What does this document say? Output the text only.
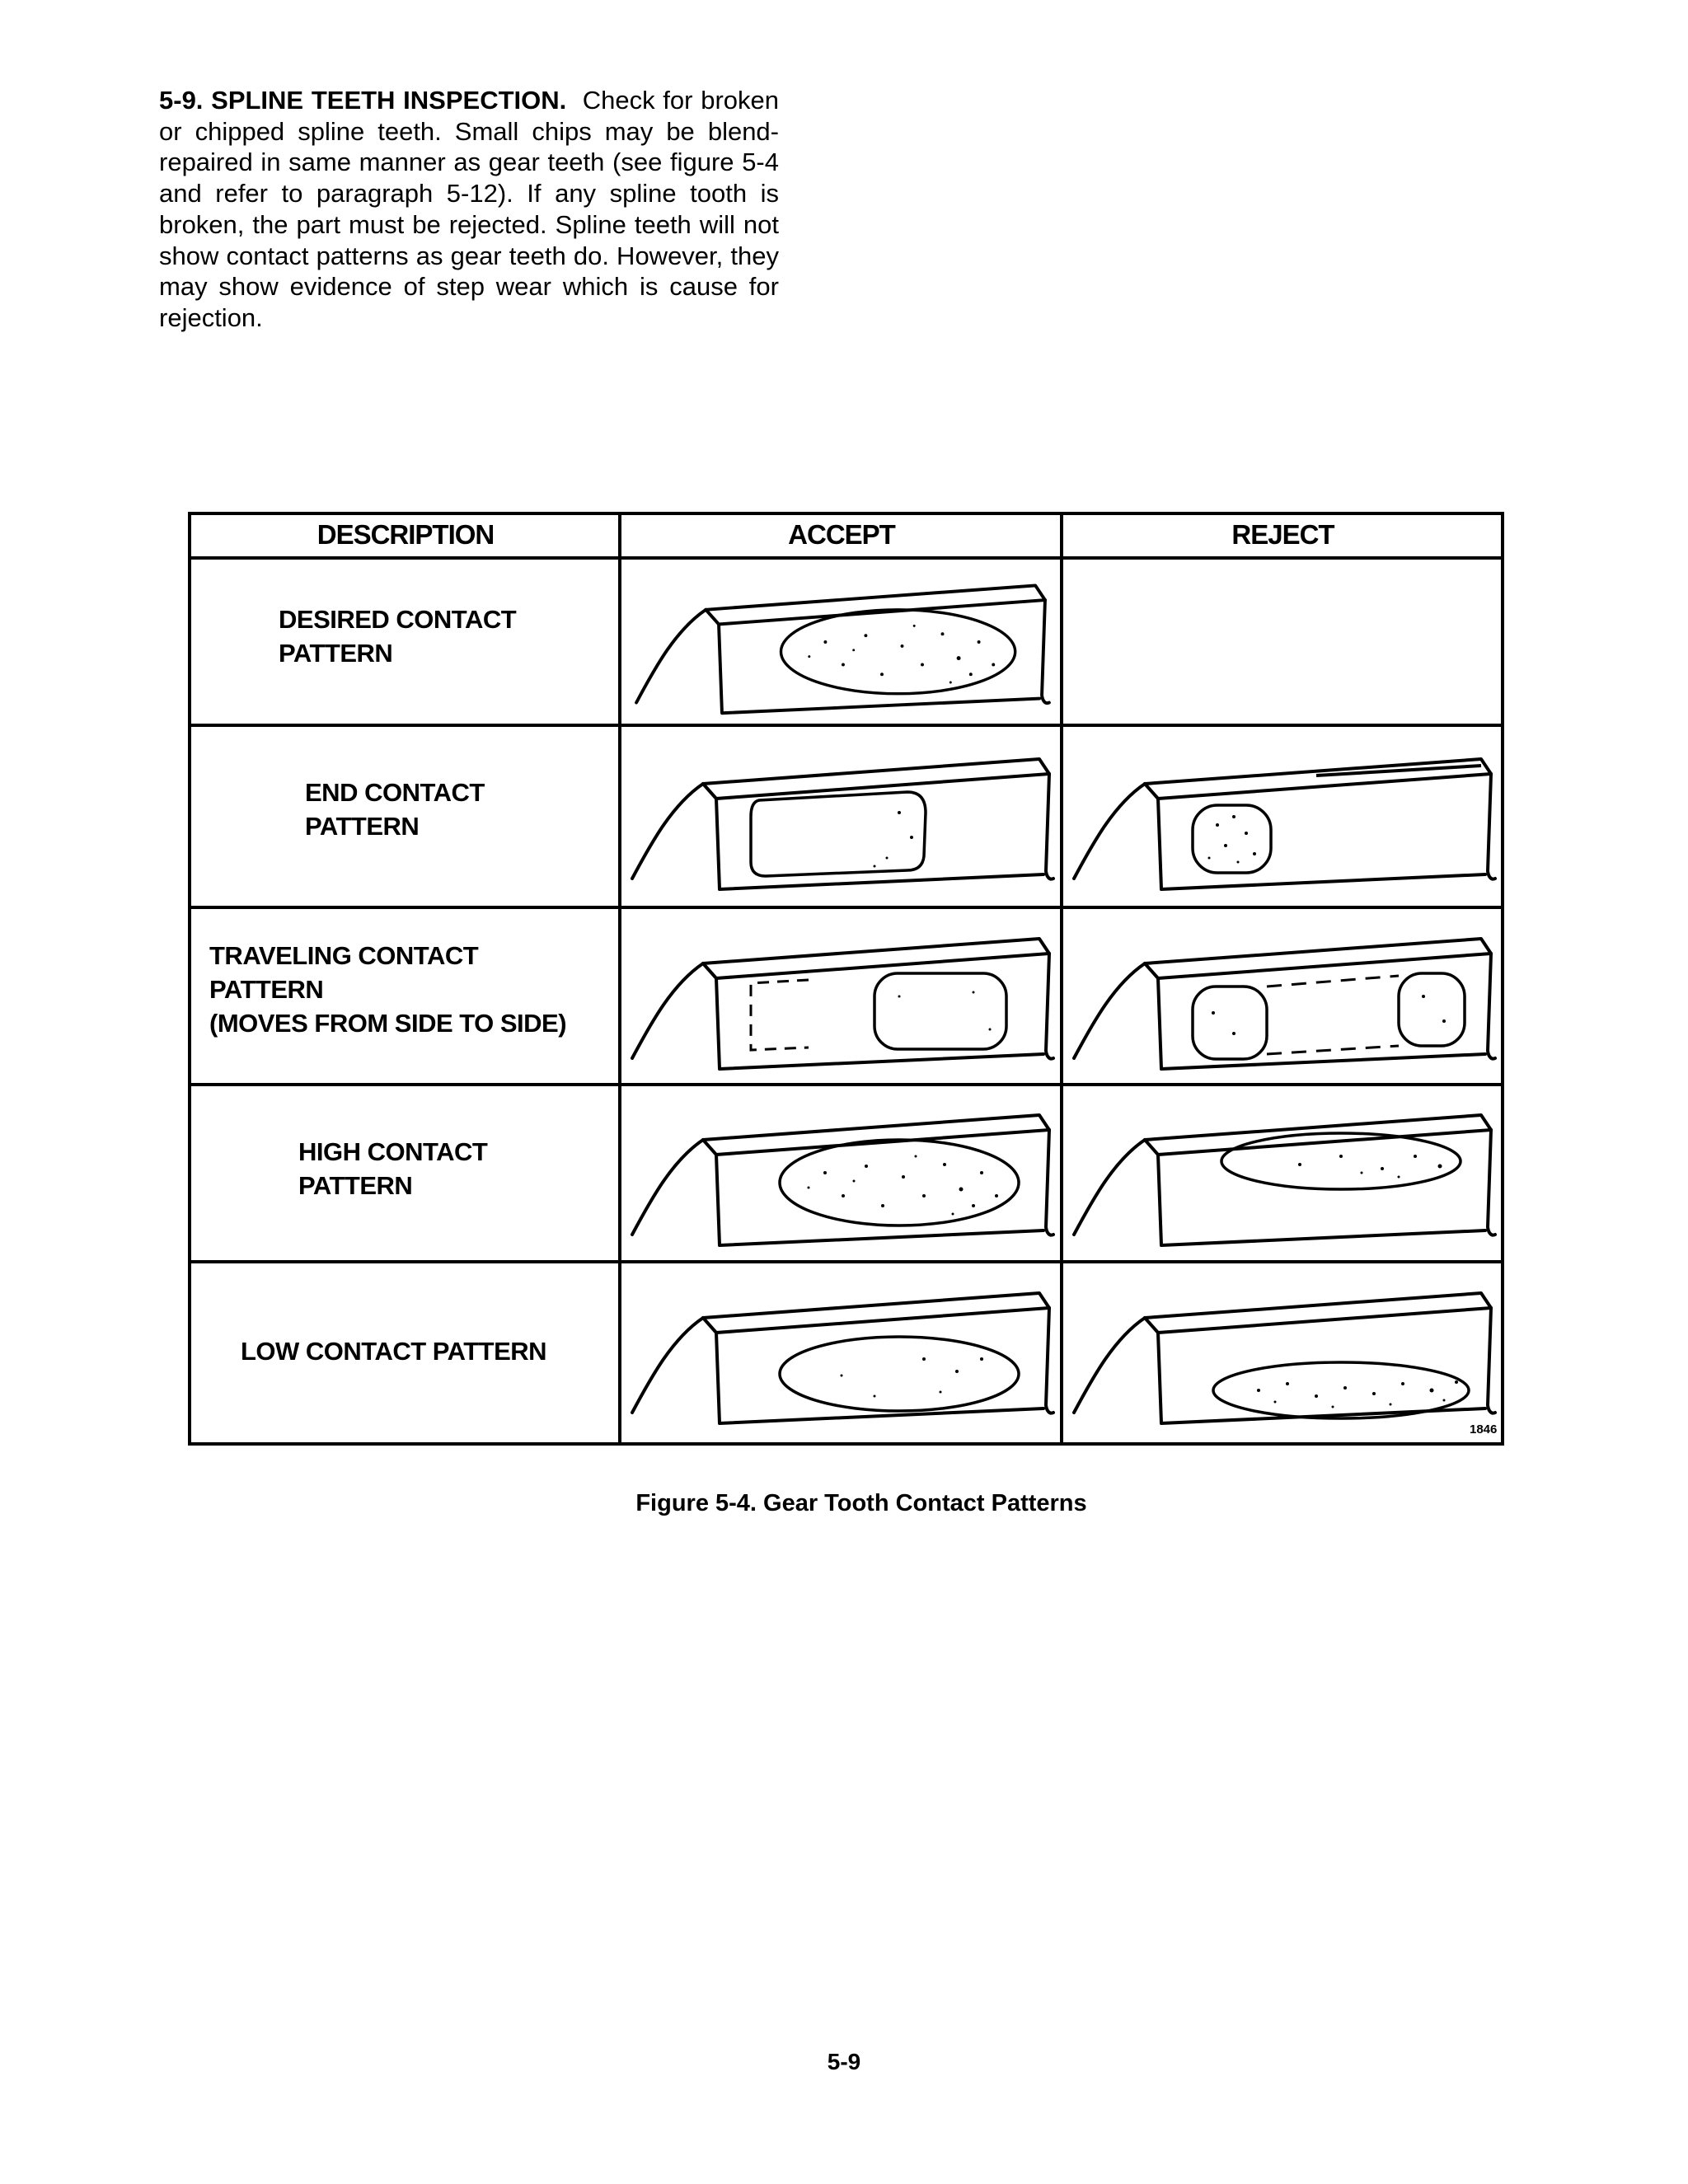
5-9. SPLINE TEETH INSPECTION. Check for broken or chipped spline teeth. Small chips may be blend-repaired in same manner as gear teeth (see figure 5-4 and refer to paragraph 5-12). If any spline tooth is broken, the part must be rejected. Spline teeth will not show contact patterns as gear teeth do. However, they may show evidence of step wear which is cause for rejection.

DESCRIPTION	ACCEPT	REJECT
DESIRED CONTACT
PATTERN
END CONTACT
PATTERN
TRAVELING CONTACT
PATTERN
(MOVES FROM SIDE TO SIDE)
HIGH CONTACT
PATTERN
LOW CONTACT PATTERN
1846
Figure 5-4. Gear Tooth Contact Patterns
5-9
